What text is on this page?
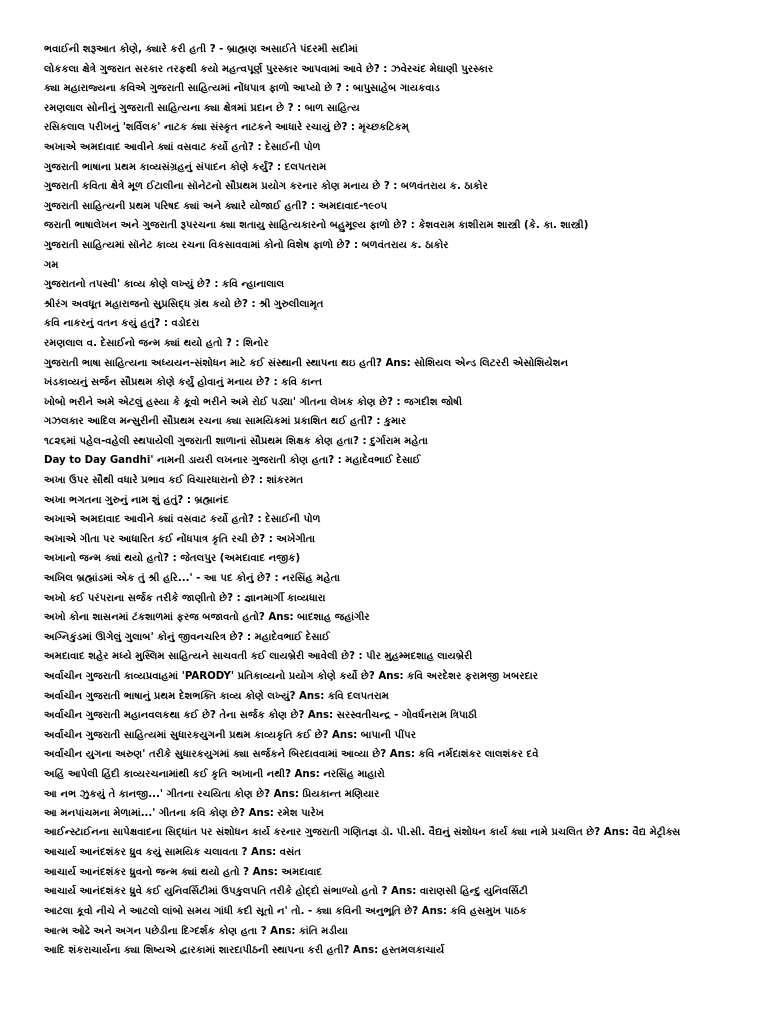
ભવાઈની શરૂઆત કોણે, ક્યારે કરી હતી ? - બ્રાહ્મણ અસાઈતે પંદરમી સદીમાં
લોકકલા ક્ષેત્રે ગુજરાત સરકાર તરફથી કયો મહત્વપૂર્ણ પુરસ્કાર આપવામાં આવે છે? : ઝવેરચંદ મેઘાણી પુરસ્કાર
ક્યા મહારાજ્યના કવિએ ગુજરાતી સાહિત્યમાં નોંધપાત્ર ફાળો આપ્યો છે ? : બાપુસાહેબ ગાયકવાડ
રમણલાલ સોનીનું ગુજરાતી સાહિત્યના ક્યા ક્ષેત્રમાં પ્રદાન છે ? : બાળ સાહિત્ય
રસિકલાલ પરીખનું 'શર્વિલક' નાટક ક્યા સંસ્કૃત નાટકને આધારે રચાયું છે? : મૃચ્છકટિકમ્
અખાએ અમદાવાદ આવીને ક્યાં વસવાટ કર્યો હતો? : દેસાઈની પોળ
ગુજરાતી ભાષાના પ્રથમ કાવ્યસંગ્રહનું સંપાદન કોણે કર્યું? : દલપતરામ
ગુજરાતી કવિતા ક્ષેત્રે મૂળ ઈટાલીના સૉનેટનો સૌપ્રથમ પ્રયોગ કરનાર કોણ મનાય છે ? : બળવંતરાય ક. ઠાકોર
ગુજરાતી સાહિત્યની પ્રથમ પરિષદ ક્યાં અને ક્યારે યોજાઈ હતી? : અમદાવાદ-૧૯૦૫
જરાતી ભાષાલેખન અને ગુજરાતી રૂપરચના ક્યા શતાયુ સાહિત્યકારનો બહુમૂલ્ય ફાળો છે? : કેશવરામ કાશીરામ શાસ્ત્રી (કે. કા. શાસ્ત્રી)
ગુજરાતી સાહિત્યમાં સૉનેટ કાવ્ય રચના વિકસાવવામાં કોનો વિશેષ ફાળો છે? : બળવંતરાય ક. ઠાકોર
ગમ
ગુજરાતનો તપસ્વી' કાવ્ય કોણે લખ્યું છે? : કવિ ન્હાનાલાલ
શ્રીરંગ અવધૂત મહારાજનો સુપ્રસિદ્ધ ગ્રંથ કયો છે? : શ્રી ગુરુલીલામૃત
કવિ નાકરનું વતન કયું હતું? : વડોદરા
રમણલાલ વ. દેસાઈનો જન્મ ક્યાં થયો હતો ? : શિનોર
ગુજરાતી ભાષા સાહિત્યના અધ્યયન-સંશોધન માટે કઈ સંસ્થાની સ્થાપના થઇ હતી? Ans: સોશિયલ એન્ડ લિટરરી એસોશિયેશન
ખંડકાવ્યનું સર્જન સૌપ્રથમ કોણે કર્યું હોવાનું મનાય છે? : કવિ કાન્ત
ખોબો ભરીને અમે એટલું હસ્યા કે કૂવો ભરીને અમે રોઈ પડ્યા' ગીતના લેખક કોણ છે? : જગદીશ જોષી
ગઝલકાર આદિલ મન્સુરીની સૌપ્રથમ રચના ક્યા સામયિકમાં પ્રકાશિત થઈ હતી? : કુમાર
૧૮૨૬માં પહેલ-વહેલી સ્થપાયેલી ગુજરાતી શાળાનાં સૌપ્રથમ શિક્ષક કોણ હતા? : દુર્ગારામ મહેતા
Day to Day Gandhi' નામની ડાયરી લખનાર ગુજરાતી કોણ હતા? : મહાદેવભાઈ દેસાઈ
અખા ઉપર સૌથી વધારે પ્રભાવ કઈ વિચારધારાનો છે? : શાંકરમત
અખા ભગતના ગુરુનું નામ શું હતું? : બ્રહ્માનંદ
અખાએ અમદાવાદ આવીને ક્યાં વસવાટ કર્યો હતો? : દેસાઈની પોળ
અખાએ ગીતા પર આધારિત કઈ નોંધપાત્ર કૃતિ રચી છે? : અખેગીતા
અખાનો જન્મ ક્યાં થયો હતો? : જેતલપુર (અમદાવાદ નજીક)
અખિલ બ્રહ્માંડમાં એક તું શ્રી હરિ...' - આ પદ કોનું છે? : નરસિંહ મહેતા
અખો કઈ પરંપરાના સર્જક તરીકે જાણીતો છે? : જ્ઞાનમાર્ગી કાવ્યધારા
અખો કોના શાસનમાં ટંકશાળમાં ફરજ બજાવતો હતો? Ans: બાદશાહ જહાંગીર
અગ્નિકુંડમાં ઊગેલું ગુલાબ' કોનું જીવનચરિત્ર છે? : મહાદેવભાઈ દેસાઈ
અમદાવાદ શહેર મધ્યે મુસ્લિમ સાહિત્યને સાચવતી કઈ લાયબ્રેરી આવેલી છે? : પીર મુહમ્મદશાહ લાયબ્રેરી
અર્વાચીન ગુજરાતી કાવ્યપ્રવાહમાં 'PARODY' પ્રતિકાવ્યનો પ્રયોગ કોણે કર્યો છે? Ans: કવિ અરદેશર ફરામજી ખબરદાર
અર્વાચીન ગુજરાતી ભાષાનું પ્રથમ દેશભક્તિ કાવ્ય કોણે લખ્યું? Ans: કવિ દલપતરામ
અર્વાચીન ગુજરાતી મહાનવલકથા કઈ છે? તેના સર્જક કોણ છે? Ans: સરસ્વતીચન્દ્ર - ગોવર્ધનરામ ત્રિપાઠી
અર્વાચીન ગુજરાતી સાહિત્યમાં સુધારકયુગની પ્રથમ કાવ્યકૃતિ કઈ છે? Ans: બાપાની પીંપર
અર્વાચીન યુગના અરુણ' તરીકે સુધારકયુગમાં ક્યા સર્જકને બિરદાવવામાં આવ્યા છે? Ans: કવિ નર્મદાશંકર લાલશંકર દવે
અહિં આપેલી હિંદી કાવ્યરચનામાંથી કઈ કૃતિ અખાની નથી? Ans: નરસિંહ માહારો
આ નભ ઝુકયું તે કાનજી...' ગીતના રચયિતા કોણ છે? Ans: પ્રિયકાન્ત મણિયાર
આ મનપાંચમના મેળામાં...' ગીતના કવિ કોણ છે? Ans: રમેશ પારેખ
આઈન્સ્ટાઈનના સાપેક્ષવાદના સિદ્ધાંત પર સંશોધન કાર્ય કરનાર ગુજરાતી ગણિતજ્ઞ ડૉ. પી.સી. વૈદ્યનું સંશોધન કાર્ય ક્યા નામે પ્રચલિત છે? Ans: વૈદ્ય મેટ્રીક્સ
આચાર્ય આનંદશંકર ધ્રુવ કયું સામયિક ચલાવતા ? Ans: વસંત
આચાર્ય આનંદશંકર ધ્રુવનો જન્મ ક્યાં થયો હતો ? Ans: અમદાવાદ
આચાર્ય આનંદશંકર ધ્રુવે કઈ યુનિવર્સિટીમાં ઉપકુલપતિ તરીકે હોદ્દો સંભાળ્યો હતો ? Ans: વારાણસી હિન્દુ યુનિવર્સિટી
આટલા કૂવો નીચે ને આટલો લાંબો સમય ગાંધી કદી સૂતો ન' તો. - ક્યા કવિની અનુભૂતિ છે? Ans: કવિ હસમુખ પાઠક
આત્મ ઓઢે અને અગન પછેડીના દિગ્દર્શક કોણ હતા ? Ans: કાંતિ મડીયા
આદિ શંકરાચાર્યના ક્યા શિષ્યએ દ્વારકામાં શારદાપીઠની સ્થાપના કરી હતી? Ans: હસ્તમલકાચાર્ય
